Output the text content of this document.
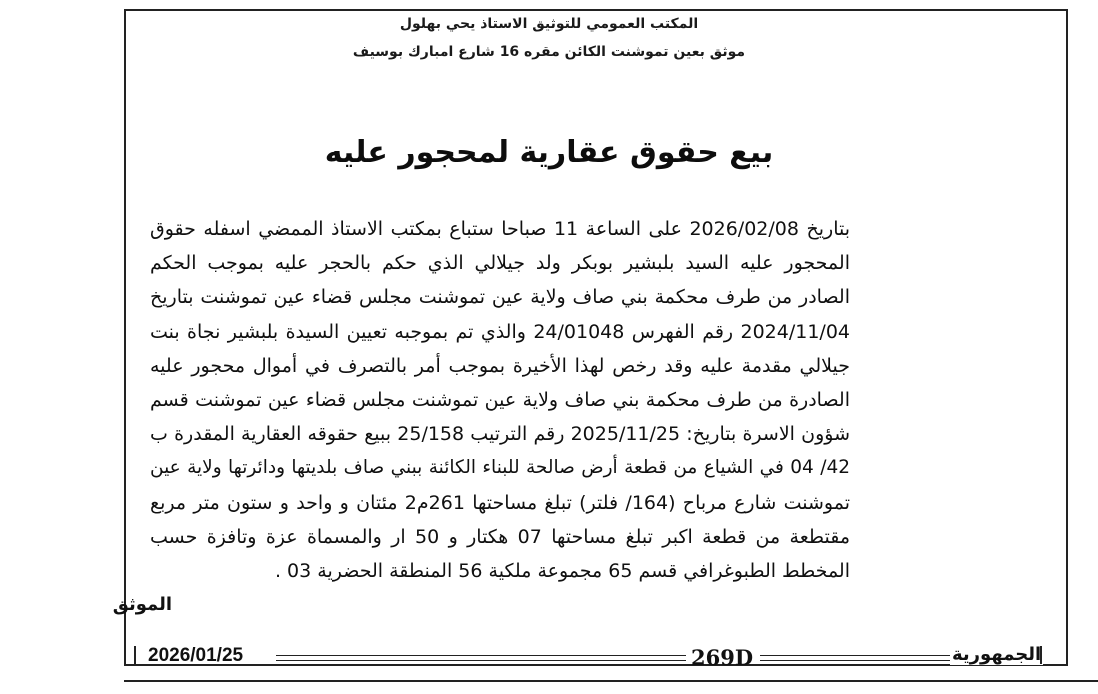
المكتب العمومي للتوثيق الاستاذ يحي بهلول
موثق بعين تموشنت الكائن مقره 16 شارع امبارك بوسيف
بيع حقوق عقارية لمحجور عليه
بتاريخ 2026/02/08 على الساعة 11 صباحا ستباع بمكتب الاستاذ الممضي اسفله حقوق
المحجور عليه السيد بلبشير بوبكر ولد جيلالي الذي حكم بالحجر عليه بموجب الحكم
الصادر من طرف محكمة بني صاف ولاية عين تموشنت مجلس قضاء عين تموشنت بتاريخ
2024/11/04 رقم الفهرس 24/01048 والذي تم بموجبه تعيين السيدة بلبشير نجاة بنت
جيلالي مقدمة عليه وقد رخص لهذا الأخيرة بموجب أمر بالتصرف في أموال محجور عليه
الصادرة من طرف محكمة بني صاف ولاية عين تموشنت مجلس قضاء عين تموشنت قسم
شؤون الاسرة بتاريخ: 2025/11/25 رقم الترتيب 25/158 ببيع حقوقه العقارية المقدرة ب
42/ 04 في الشياع من قطعة أرض صالحة للبناء الكائنة ببني صاف بلديتها ودائرتها ولاية عين
تموشنت شارع مرباح (164/ فلتر) تبلغ مساحتها 261م2 مئتان و واحد و ستون متر مربع
مقتطعة من قطعة اكبر تبلغ مساحتها 07 هكتار و 50 ار والمسماة عزة وتافزة حسب
المخطط الطبوغرافي قسم 65 مجموعة ملكية 56 المنطقة الحضرية 03 .
الموثق
2026/01/25	269D	الجمهورية
